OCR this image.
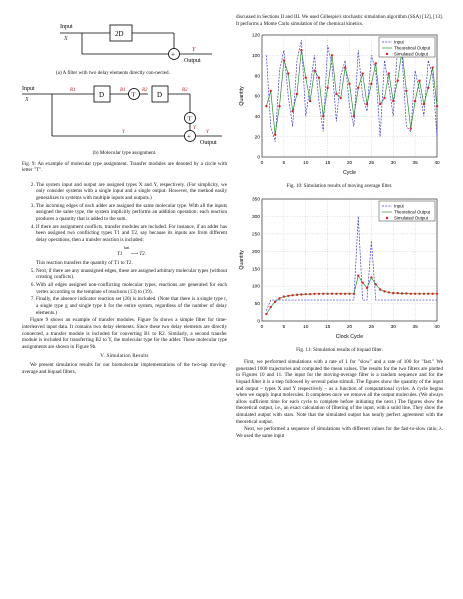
Input
X
2D
+
Y
Output
(a) A filter with two delay elements directly con-nected.
Input
X
R1
D
B1
T
R2
D
B2
T
Y
Y	+	Y
Output
(b) Molecular type assignment.
Fig. 9: An example of molecular type assignment. Transfer modules are denoted by a circle with letter "T".
2. The system input and output are assigned types X and Y, respectively. (For simplicity, we only consider systems with a single input and a single output. However, the method easily generalizes to systems with multiple inputs and outputs.)
3. The incoming edges of each adder are assigned the same molecular type. With all the inputs assigned the same type, the system implicitly performs an addition operation: each reaction produces a quantity that is added to the sum.
4. If there are assignment conflicts, transfer modules are included. For instance, if an adder has been assigned two conflicting types T1 and T2, say because its inputs are from different delay operations, then a transfer reaction is included:
T1 $^{fast}$ ⟶ T2.
This reaction transfers the quantity of T1 to T2.
5. Next, if there are any unassigned edges, these are assigned arbitrary molecular types (without creating conflicts).
6. With all edges assigned non-conflicting molecular types, reactions are generated for each vertex according to the template of reactions (13) to (19).
7. Finally, the absence indicator reaction set (20) is included. (Note that there is a single type r, a single type g and single type b for the entire system, regardless of the number of delay elements.)

Figure 9 shows an example of transfer modules. Figure 9a shows a simple filter for time-interleaved input data. It contains two delay elements. Since these two delay elements are directly connected, a transfer module is included for converting B1 to R2. Similarly, a second transfer module is included for transferring B2 to Y, the molecular type for the adder. These molecular type assignments are shown in Figure 9b.

V. Simulation Results

We present simulation results for our biomolecular implementations of the two-tap moving-average and biquad filters,

discussed in Sections II and III. We used Gillespie's stochastic simulation algorithm (SSA) [12], [13]. It performs a Monte Carlo simulation of the chemical kinetics.

0	5	10	15	20	25	30	35	40
0
20
40
60
80
100
120
Cycle
Quantity
Input
Theoretical Output
Simulated Output
Fig. 10: Simulation results of moving average filter.
0	5	10	15	20	25	30	35	40
0
50
100
150
200
250
300
350
Clock Cycle
Quantity
Input
Theoretical Output
Simulated Output
Fig. 11: Simulation results of biquad filter.

First, we performed simulations with a rate of 1 for "slow" and a rate of 100 for "fast." We generated 1000 trajectories and computed the mean values. The results for the two filters are plotted in Figures 10 and 11. The input for the moving-average filter is a random sequence and for the biquad filter it is a step followed by several pulse stimuli. The figures show the quantity of the input and output – types X and Y respectively – as a function of computational cycles. A cycle begins when we supply input molecules. It completes once we remove all the output molecules. (We always allow sufficient time for each cycle to complete before initiating the next.) The figures show the theoretical output, i.e., an exact calculation of filtering of the input, with a solid line. They show the simulated output with stars. Note that the simulated output has nearly perfect agreement with the theoretical output.

Next, we performed a sequence of simulations with different values for the fast-to-slow ratio, λ. We used the same input
